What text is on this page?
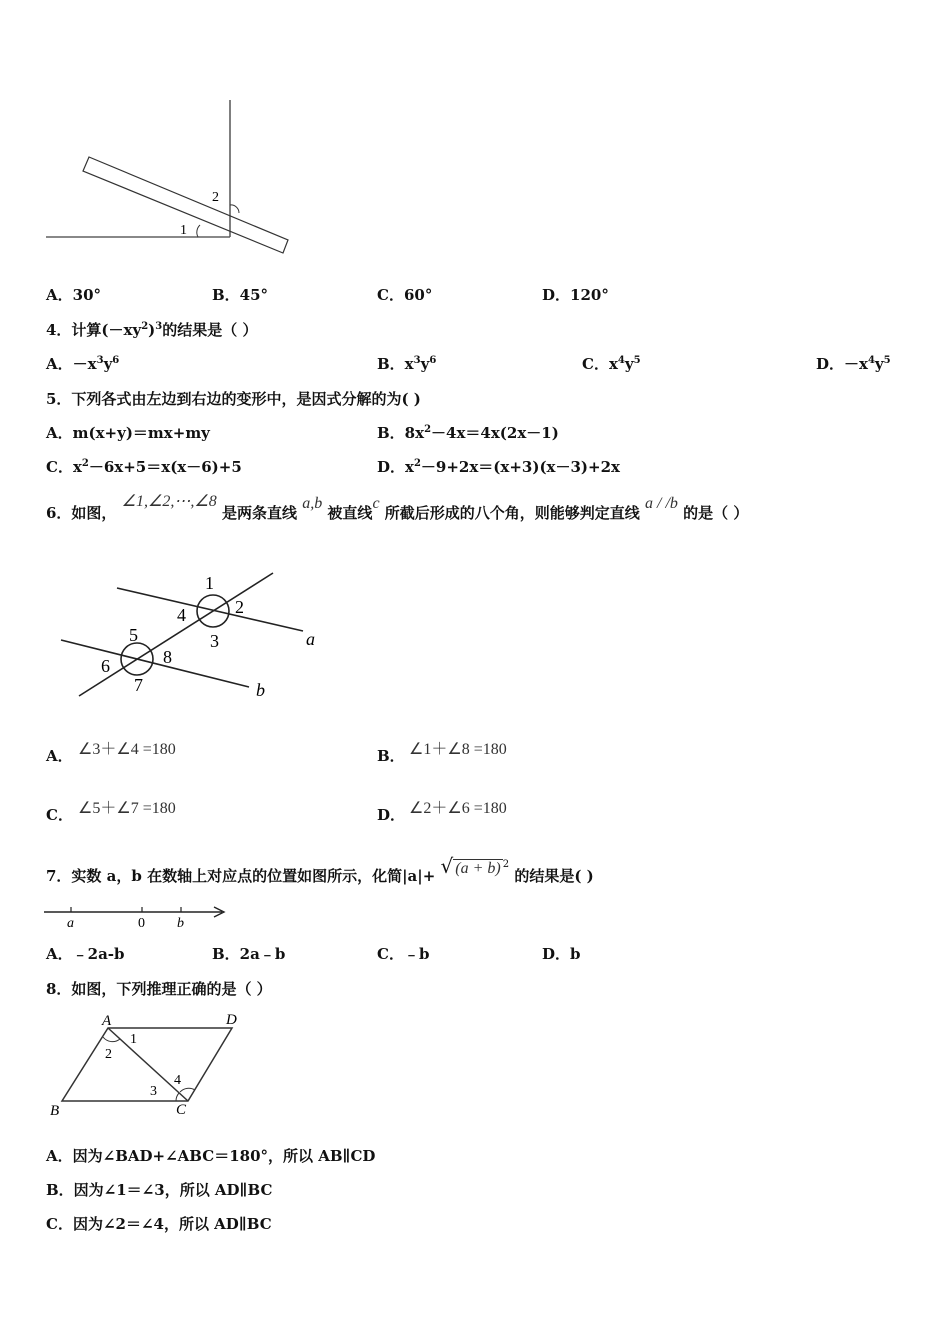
1
2
A．30°	B．45°	C．60°	D．120°
4．计算$(-xy^2)^3$的结果是（ ）
A．$-x^3y^6$	B．$x^3y^6$	C．$x^4y^5$	D．$-x^4y^5$
5．下列各式由左边到右边的变形中，是因式分解的为( )
A．m(x+y)＝mx+my	B．$8x^2-4x=4x(2x-1)$
C．$x^2-6x+5=x(x-6)+5$	D．$x^2-9+2x=(x+3)(x-3)+2x$
6．如图， ∠1,∠2,⋯,∠8 是两条直线 a,b 被直线c 所截后形成的八个角，则能够判定直线 a / /b 的是（ ）
1
2
3
4
5
6
7
8
a
b
A． ∠3＋∠4 =180	B． ∠1＋∠8 =180
C． ∠5＋∠7 =180	D． ∠2＋∠6 =180
7．实数 a，b 在数轴上对应点的位置如图所示，化简|a|+ √ (a + b) $^2$ 的结果是( )
a	0 b
A．﹣2a-b	B．2a﹣b	C．﹣b	D．b
8．如图，下列推理正确的是（ ）
A	D
B	C
1
2
3
4
A．因为∠BAD+∠ABC＝180°，所以 AB∥CD
B．因为∠1＝∠3，所以 AD∥BC
C．因为∠2＝∠4，所以 AD∥BC
